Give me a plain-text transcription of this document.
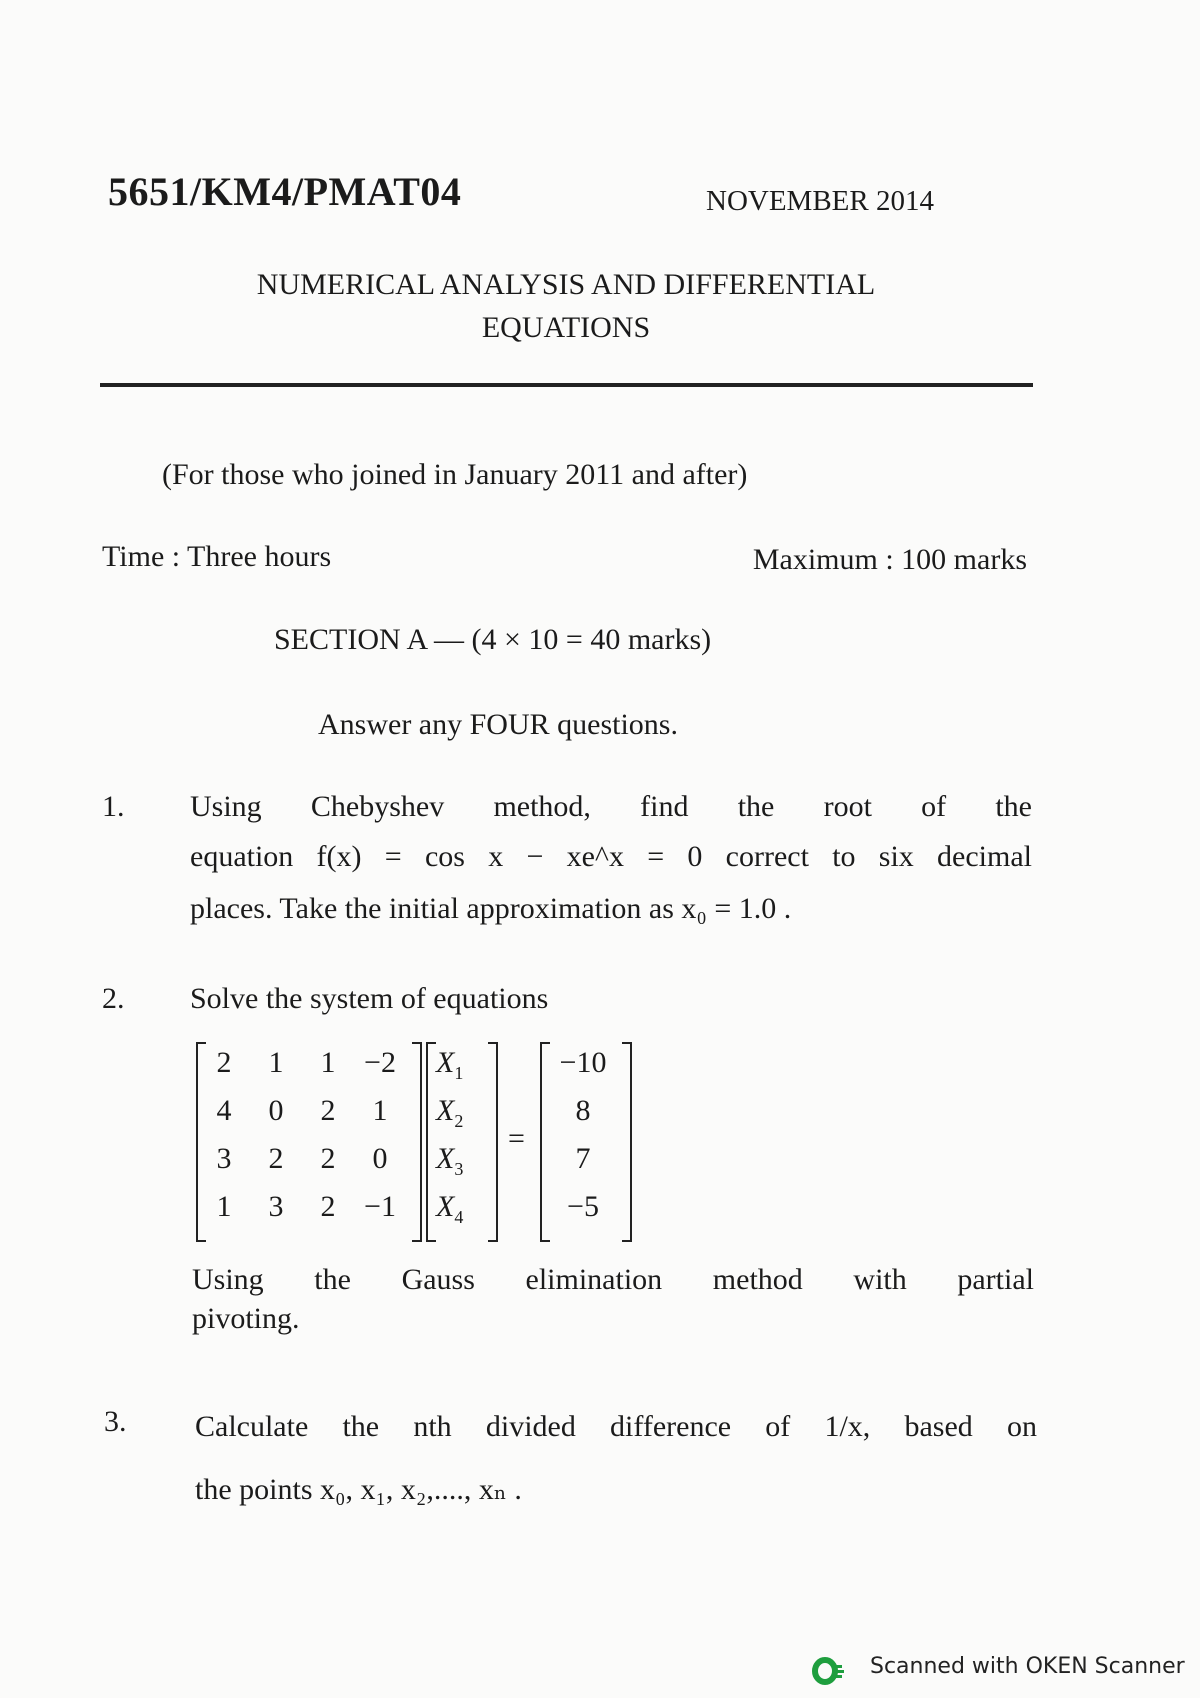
5651/KM4/PMAT04	NOVEMBER 2014
NUMERICAL ANALYSIS AND DIFFERENTIAL
EQUATIONS
(For those who joined in January 2011 and after)
Time : Three hours	Maximum : 100 marks
SECTION A — (4 × 10 = 40 marks)
Answer any FOUR questions.
1. Using Chebyshev method, find the root of the
equation f(x) = cos x − xe^x = 0 correct to six decimal
places. Take the initial approximation as x₀ = 1.0 .
2. Solve the system of equations
2	1	1 −2
4	0	2	1
3	2	2	0
1	3	2 −1
$X_1$
$X_2$
$X_3$
$X_4$
=
−10
8
7
−5
Using the Gauss elimination method with partial
pivoting.
3. Calculate the nth divided difference of 1/x, based on
the points x₀, x₁, x₂,...., xₙ .
Scanned with OKEN Scanner
